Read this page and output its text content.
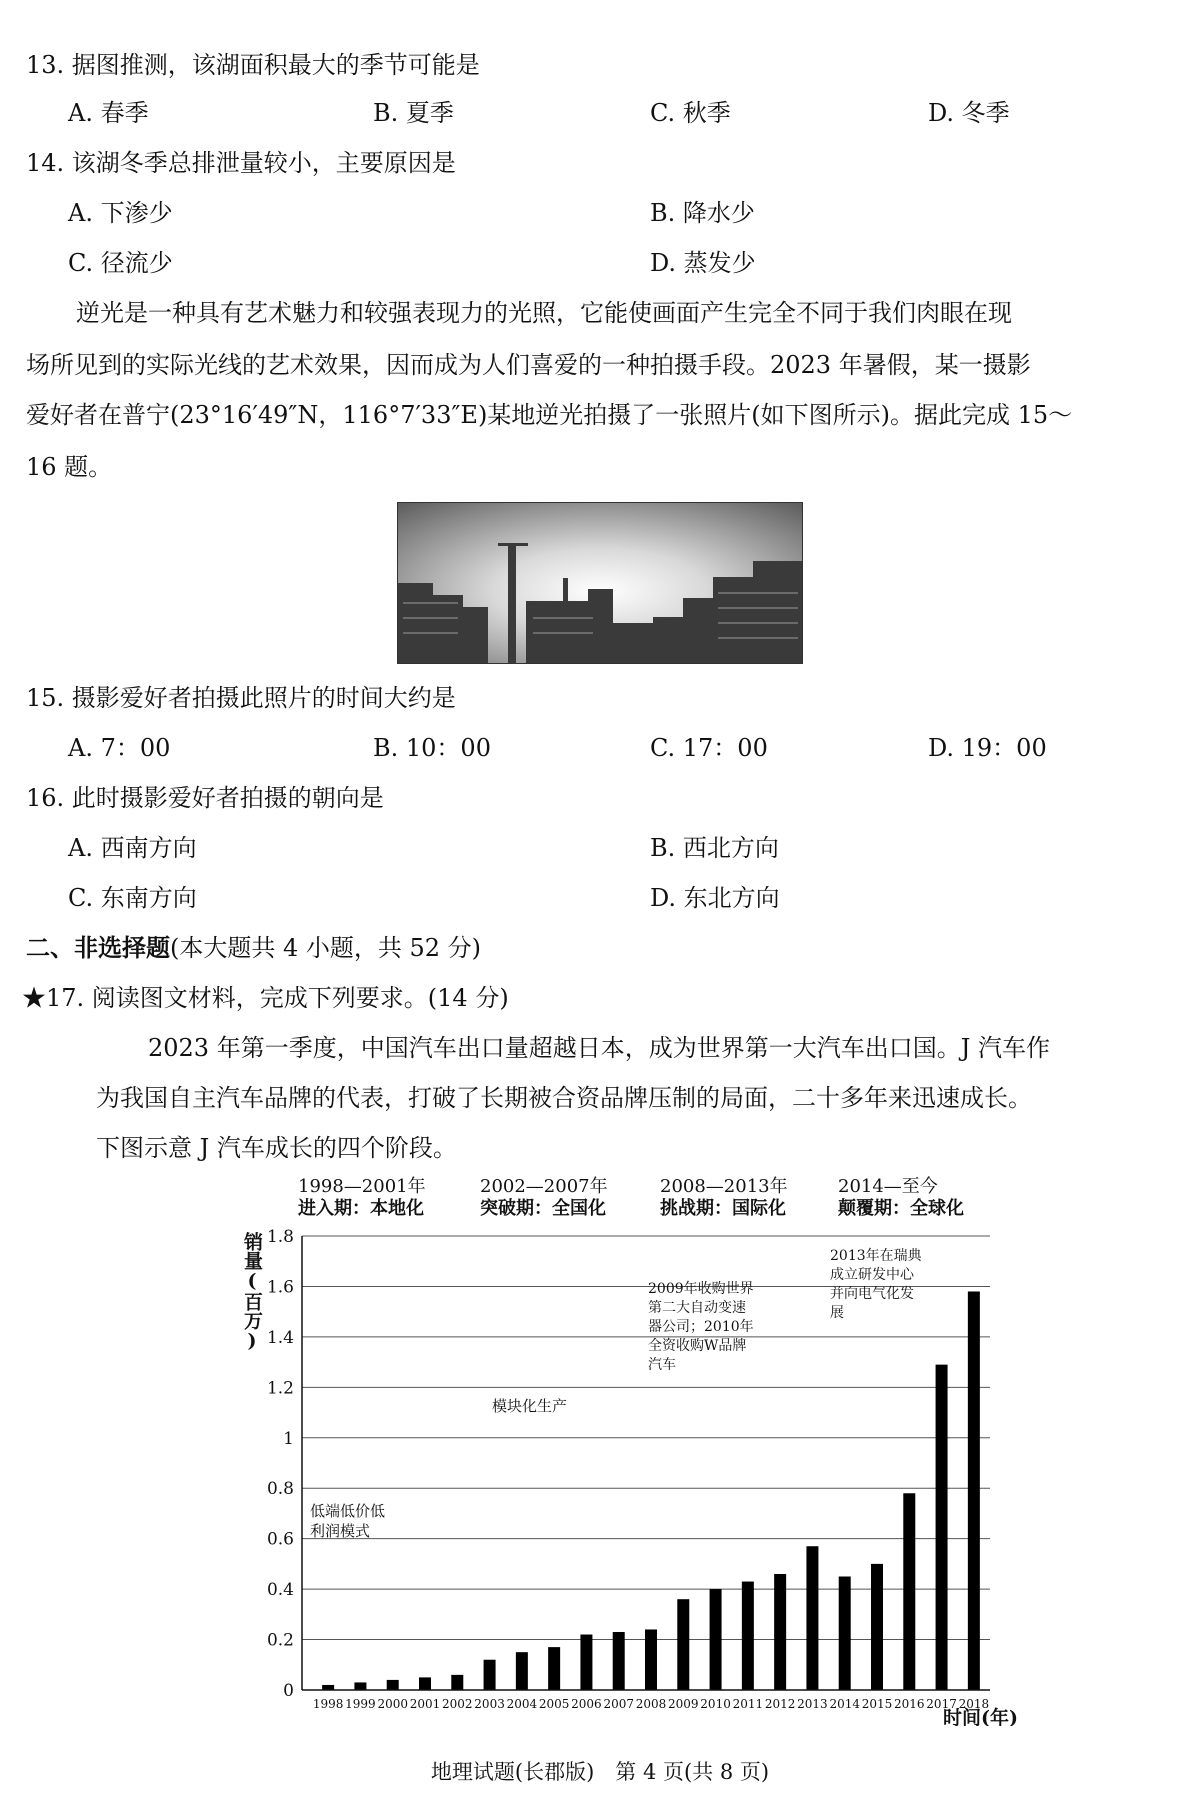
13. 据图推测，该湖面积最大的季节可能是
A. 春季	B. 夏季	C. 秋季	D. 冬季
14. 该湖冬季总排泄量较小，主要原因是
A. 下渗少	B. 降水少
C. 径流少	D. 蒸发少
逆光是一种具有艺术魅力和较强表现力的光照，它能使画面产生完全不同于我们肉眼在现
场所见到的实际光线的艺术效果，因而成为人们喜爱的一种拍摄手段。2023 年暑假，某一摄影
爱好者在普宁(23°16′49″N，116°7′33″E)某地逆光拍摄了一张照片(如下图所示)。据此完成 15～
16 题。
15. 摄影爱好者拍摄此照片的时间大约是
A. 7：00	B. 10：00	C. 17：00	D. 19：00
16. 此时摄影爱好者拍摄的朝向是
A. 西南方向	B. 西北方向
C. 东南方向	D. 东北方向
二、非选择题(本大题共 4 小题，共 52 分)
★17. 阅读图文材料，完成下列要求。(14 分)
2023 年第一季度，中国汽车出口量超越日本，成为世界第一大汽车出口国。J 汽车作
为我国自主汽车品牌的代表，打破了长期被合资品牌压制的局面，二十多年来迅速成长。
下图示意 J 汽车成长的四个阶段。
1998—2001年
进入期：本地化
2002—2007年
突破期：全国化
2008—2013年
挑战期：国际化
2014—至今
颠覆期：全球化
销量(百万)
0
0.2
0.4
0.6
0.8
1
1.2
1.4
1.6
1.8
1998 1999 2000 2001 2002 2003 2004 2005 2006 2007 2008 2009 2010 2011 2012 2013 2014 2015 2016 2017 2018
低端低价低 利润模式
模块化生产
2009年收购世界 第二大自动变速 器公司；2010年 全资收购W品牌 汽车
2013年在瑞典 成立研发中心 并向电气化发 展
时间(年)
地理试题(长郡版)　第 4 页(共 8 页)
